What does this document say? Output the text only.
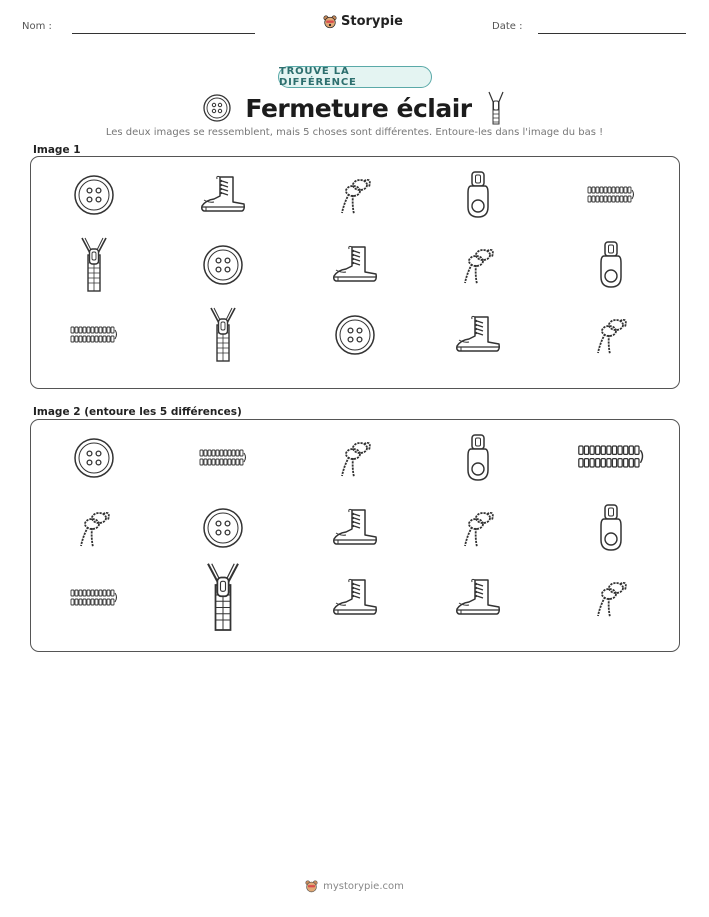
Nom :	Storypie	Date :
TROUVE LA DIFFÉRENCE
Fermeture éclair
Les deux images se ressemblent, mais 5 choses sont différentes. Entoure-les dans l'image du bas !
Image 1
Image 2 (entoure les 5 différences)
mystorypie.com
